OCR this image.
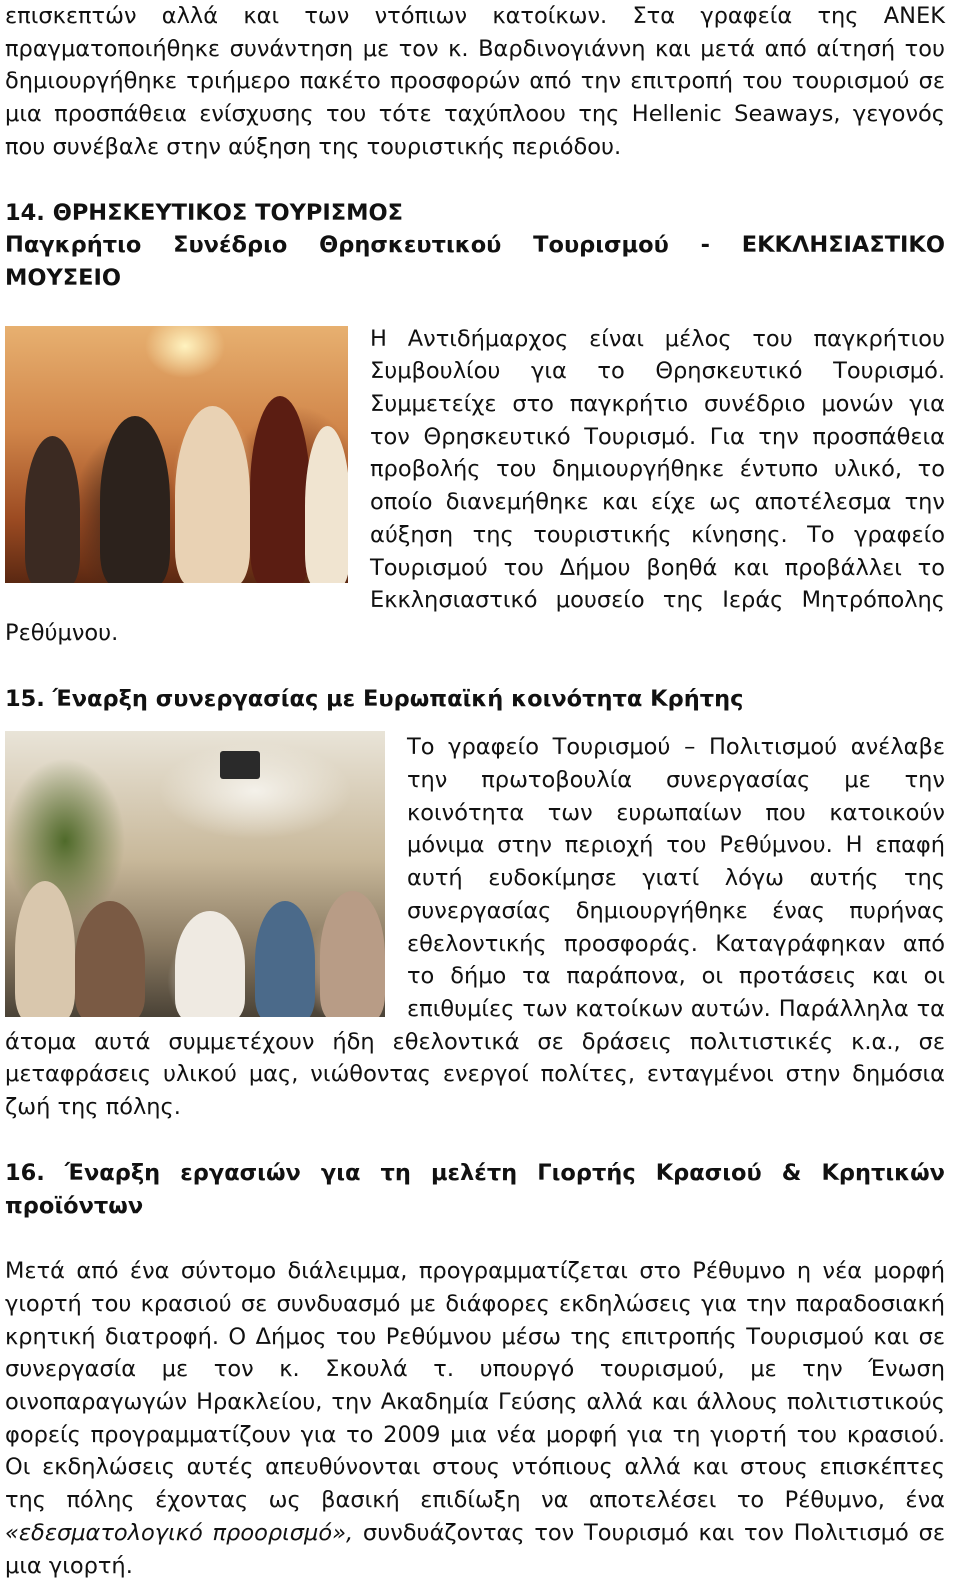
επισκεπτών αλλά και των ντόπιων κατοίκων. Στα γραφεία της ANEK πραγματοποιήθηκε συνάντηση με τον κ. Βαρδινογιάννη και μετά από αίτησή του δημιουργήθηκε τριήμερο πακέτο προσφορών από την επιτροπή του τουρισμού σε μια προσπάθεια ενίσχυσης του τότε ταχύπλοου της Hellenic Seaways, γεγονός που συνέβαλε στην αύξηση της τουριστικής περιόδου.

14. ΘΡΗΣΚΕΥΤΙΚΟΣ ΤΟΥΡΙΣΜΟΣ
Παγκρήτιο Συνέδριο Θρησκευτικού Τουρισμού - ΕΚΚΛΗΣΙΑΣΤΙΚΟ ΜΟΥΣΕΙΟ

Η Αντιδήμαρχος είναι μέλος του παγκρήτιου Συμβουλίου για το Θρησκευτικό Τουρισμό. Συμμετείχε στο παγκρήτιο συνέδριο μονών για τον Θρησκευτικό Τουρισμό. Για την προσπάθεια προβολής του δημιουργήθηκε έντυπο υλικό, το οποίο διανεμήθηκε και είχε ως αποτέλεσμα την αύξηση της τουριστικής κίνησης. Το γραφείο Τουρισμού του Δήμου βοηθά και προβάλλει το Εκκλησιαστικό μουσείο της Ιεράς Μητρόπολης Ρεθύμνου.

15. Έναρξη συνεργασίας με Ευρωπαϊκή κοινότητα Κρήτης

Το γραφείο Τουρισμού – Πολιτισμού ανέλαβε την πρωτοβουλία συνεργασίας με την κοινότητα των ευρωπαίων που κατοικούν μόνιμα στην περιοχή του Ρεθύμνου. Η επαφή αυτή ευδοκίμησε γιατί λόγω αυτής της συνεργασίας δημιουργήθηκε ένας πυρήνας εθελοντικής προσφοράς. Καταγράφηκαν από το δήμο τα παράπονα, οι προτάσεις και οι επιθυμίες των κατοίκων αυτών. Παράλληλα τα άτομα αυτά συμμετέχουν ήδη εθελοντικά σε δράσεις πολιτιστικές κ.α., σε μεταφράσεις υλικού μας, νιώθοντας ενεργοί πολίτες, ενταγμένοι στην δημόσια ζωή της πόλης.

16. Έναρξη εργασιών για τη μελέτη Γιορτής Κρασιού & Κρητικών προϊόντων

Μετά από ένα σύντομο διάλειμμα, προγραμματίζεται στο Ρέθυμνο η νέα μορφή γιορτή του κρασιού σε συνδυασμό με διάφορες εκδηλώσεις για την παραδοσιακή κρητική διατροφή. Ο Δήμος του Ρεθύμνου μέσω της επιτροπής Τουρισμού και σε συνεργασία με τον κ. Σκουλά τ. υπουργό τουρισμού, με την Ένωση οινοπαραγωγών Ηρακλείου, την Ακαδημία Γεύσης αλλά και άλλους πολιτιστικούς φορείς προγραμματίζουν για το 2009 μια νέα μορφή για τη γιορτή του κρασιού. Οι εκδηλώσεις αυτές απευθύνονται στους ντόπιους αλλά και στους επισκέπτες της πόλης έχοντας ως βασική επιδίωξη να αποτελέσει το Ρέθυμνο, ένα «εδεσματολογικό προορισμό», συνδυάζοντας τον Τουρισμό και τον Πολιτισμό σε μια γιορτή.
